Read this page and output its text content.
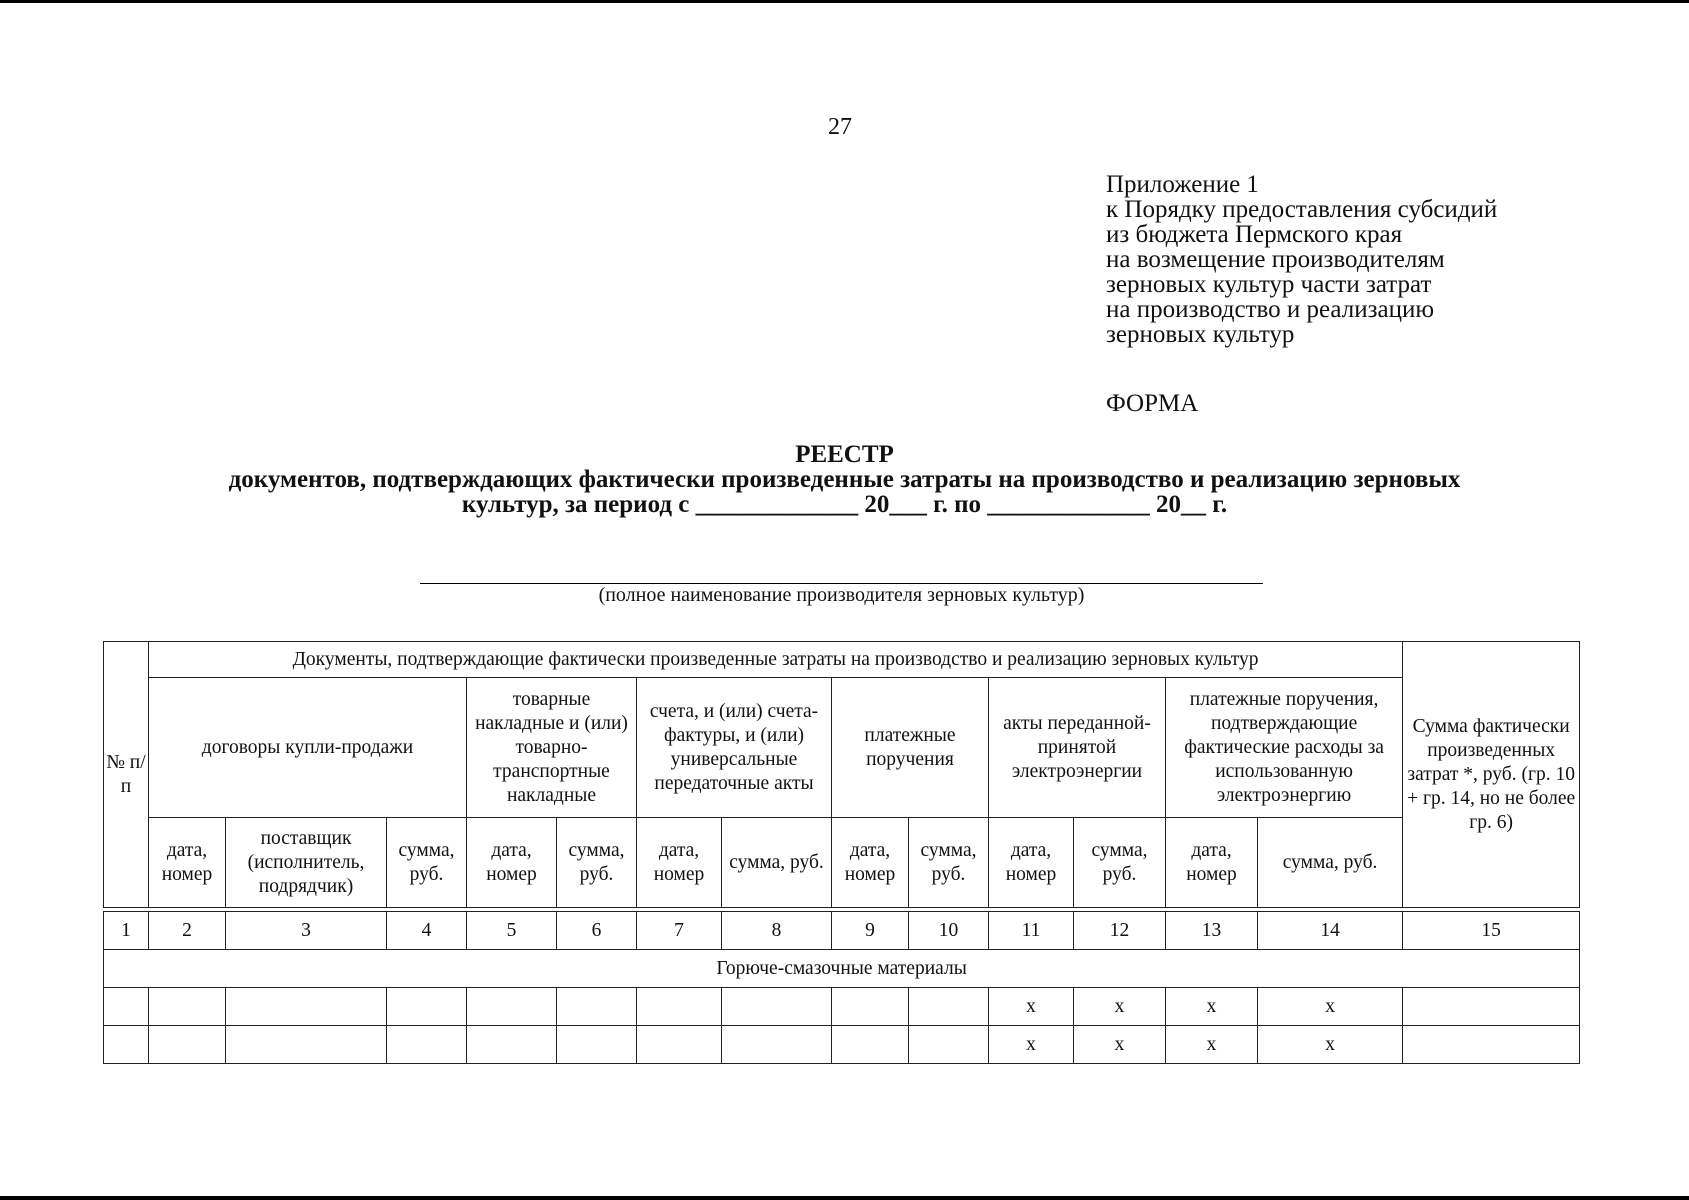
27
Приложение 1
к Порядку предоставления субсидий
из бюджета Пермского края
на возмещение производителям
зерновых культур части затрат
на производство и реализацию
зерновых культур
ФОРМА
РЕЕСТР
документов, подтверждающих фактически произведенные затраты на производство и реализацию зерновых
культур, за период с _____________ 20___ г. по _____________ 20__ г.
(полное наименование производителя зерновых культур)
№ п/п	Документы, подтверждающие фактически произведенные затраты на производство и реализацию зерновых культур													Сумма фактически произведенных затрат *, руб. (гр. 10 + гр. 14, но не более гр. 6)
	договоры купли-продажи			товарные накладные и (или) товарно-транспортные накладные		счета, и (или) счета-фактуры, и (или) универсальные передаточные акты		платежные поручения		акты переданной-принятой электроэнергии		платежные поручения, подтверждающие фактические расходы за использованную электроэнергию		
	дата, номер	поставщик (исполнитель, подрядчик)	сумма, руб.	дата, номер	сумма, руб.	дата, номер	сумма, руб.	дата, номер	сумма, руб.	дата, номер	сумма, руб.	дата, номер	сумма, руб.	

1	2	3	4	5	6	7	8	9	10	11	12	13	14	15
Горюче-смазочные материалы														
										x	x	x	x	
										x	x	x	x	
